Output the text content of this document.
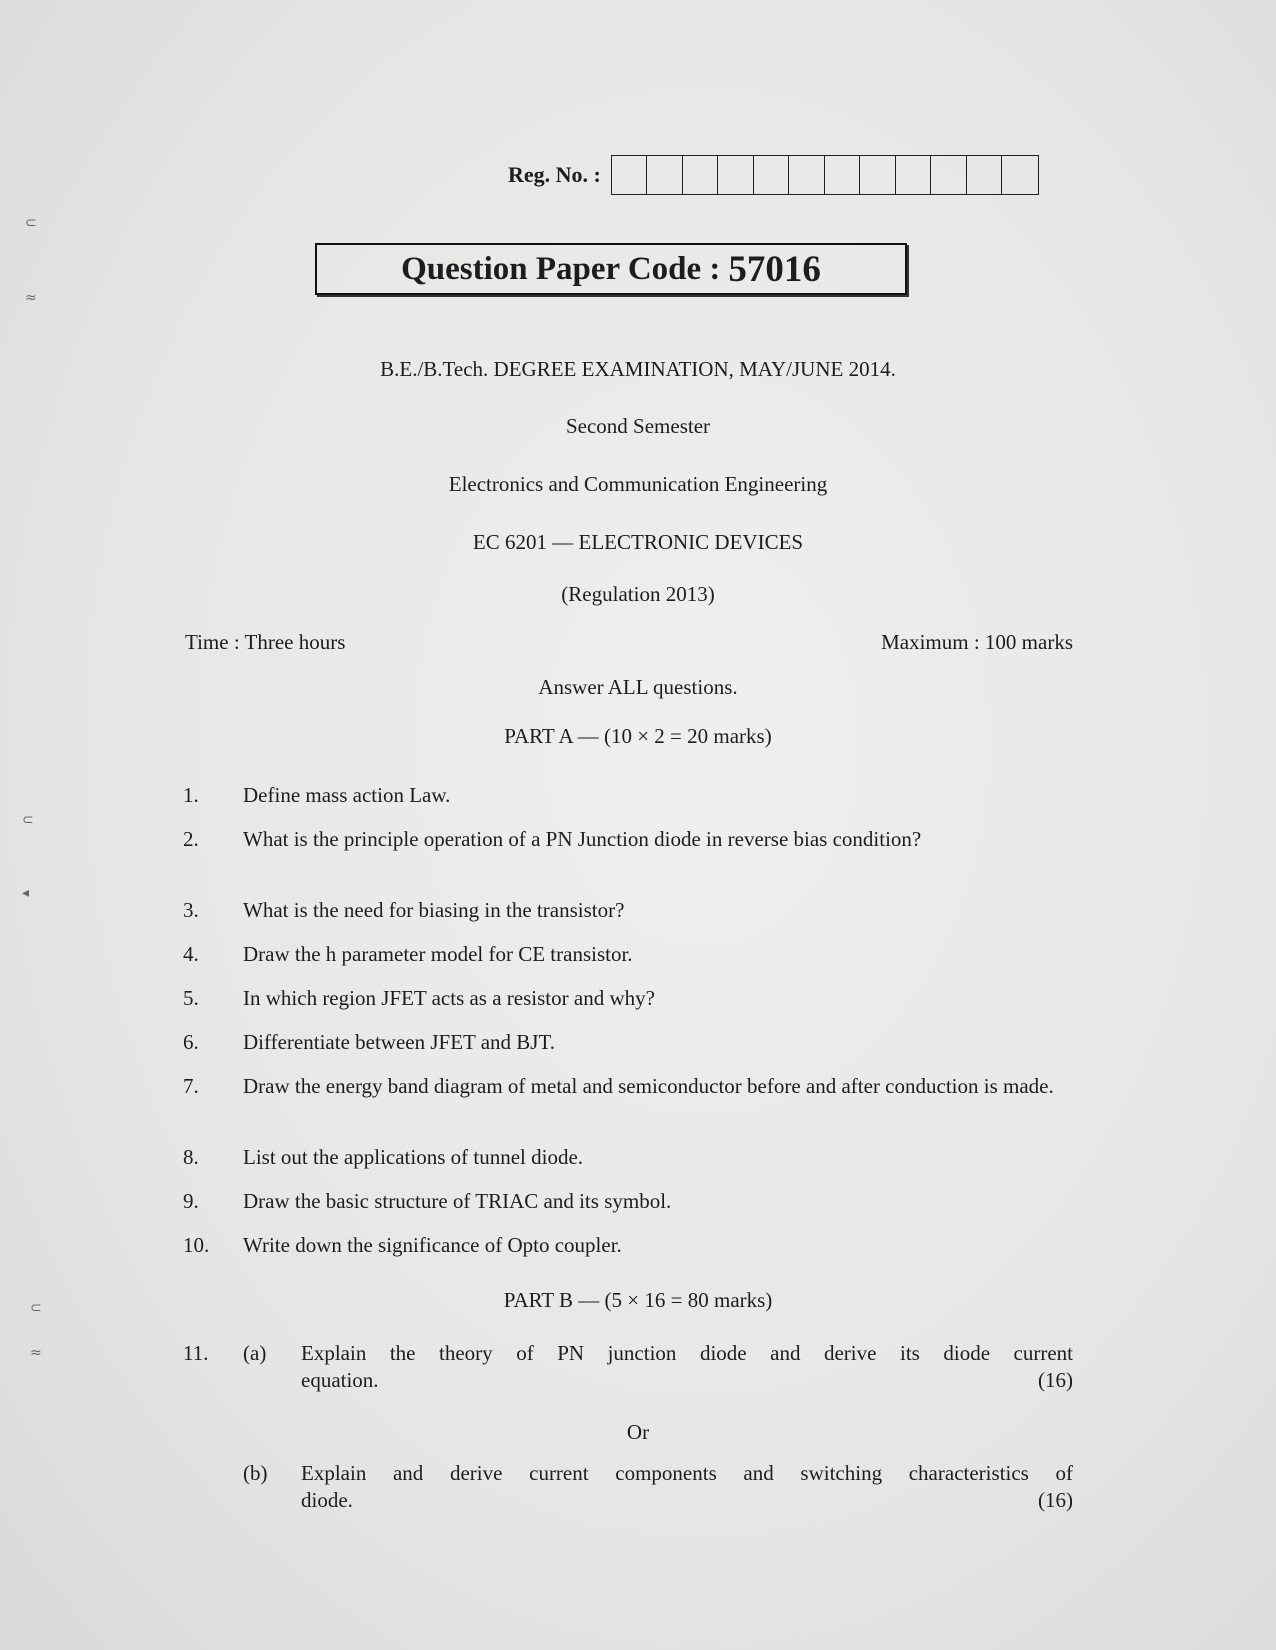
Reg. No. :
Question Paper Code : 57016
B.E./B.Tech. DEGREE EXAMINATION, MAY/JUNE 2014.
Second Semester
Electronics and Communication Engineering
EC 6201 — ELECTRONIC DEVICES
(Regulation 2013)
Time : Three hours	Maximum : 100 marks
Answer ALL questions.
PART A — (10 × 2 = 20 marks)
1.	Define mass action Law.
2.	What is the principle operation of a PN Junction diode in reverse bias condition?
3.	What is the need for biasing in the transistor?
4.	Draw the h parameter model for CE transistor.
5.	In which region JFET acts as a resistor and why?
6.	Differentiate between JFET and BJT.
7.	Draw the energy band diagram of metal and semiconductor before and after conduction is made.
8.	List out the applications of tunnel diode.
9.	Draw the basic structure of TRIAC and its symbol.
10.	Write down the significance of Opto coupler.
PART B — (5 × 16 = 80 marks)
11.	(a)	Explain the theory of PN junction diode and derive its diode current
equation.	(16)
Or
(b)	Explain and derive current components and switching characteristics of
diode.	(16)
⊂
≈
⊂
◂
⊂
≈
